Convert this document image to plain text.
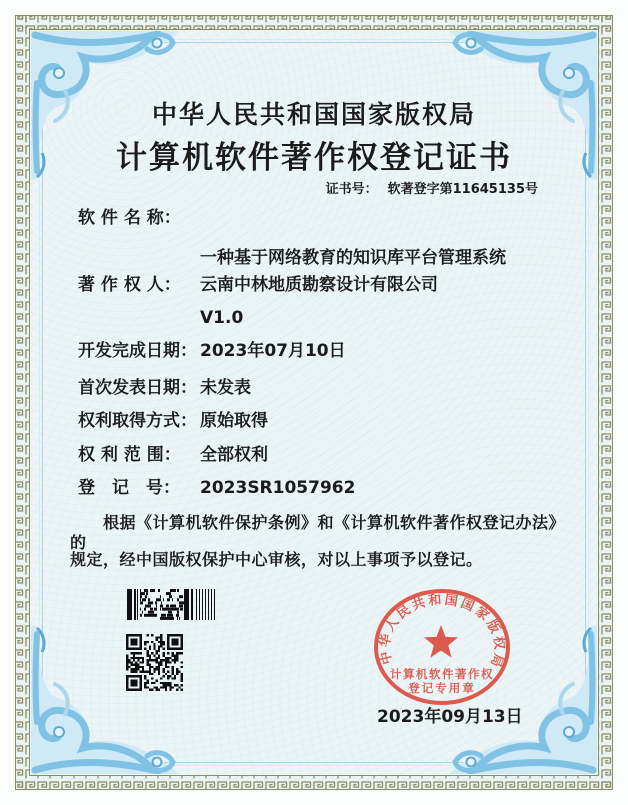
中华人民共和国国家版权局
计算机软件著作权登记证书
证书号： 软著登字第11645135号
软 件 名 称：

一种基于网络教育的知识库平台管理系统

V1.0

著 作 权 人：	云南中林地质勘察设计有限公司
开发完成日期： 2023年07月10日
首次发表日期： 未发表
权利取得方式： 原始取得
权 利 范 围：	全部权利
登　记　号：	2023SR1057962
根据《计算机软件保护条例》和《计算机软件著作权登记办法》的
规定，经中国版权保护中心审核，对以上事项予以登记。
中华人民共和国国家版权局
计算机软件著作权
登记专用章
2023年09月13日
